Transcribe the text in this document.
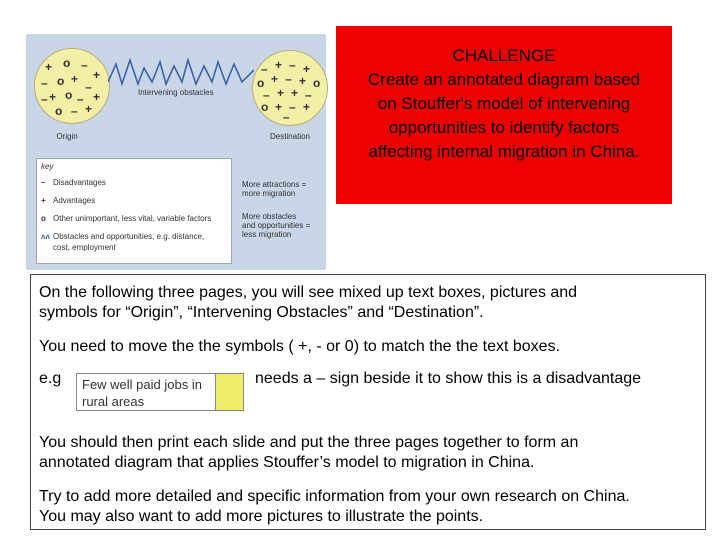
+ o –
+
– o +
–
+ o – +
o – +
–
– + – +
o + – + o
– + + –
o + – +
–
Origin	Destination
Intervening obstacles
key
– Disadvantages
+ Advantages
o Other unimportant, less vital, variable factors
ᴧᴧ Obstacles and opportunities, e.g. distance,
cost, employment
More attractions =
more migration
More obstacles
and opportunities =
less migration
CHALLENGE
Create an annotated diagram based
on Stouffer's model of intervening
opportunities to identify factors
affecting internal migration in China.
On the following three pages, you will see mixed up text boxes, pictures and
symbols for “Origin”, “Intervening Obstacles” and “Destination”.
You need to move the the symbols ( +, - or 0) to match the the text boxes.
e.g	needs a – sign beside it to show this is a disadvantage
You should then print each slide and put the three pages together to form an
annotated diagram that applies Stouffer’s model to migration in China.
Try to add more detailed and specific information from your own research on China.
You may also want to add more pictures to illustrate the points.
Few well paid jobs in rural areas
